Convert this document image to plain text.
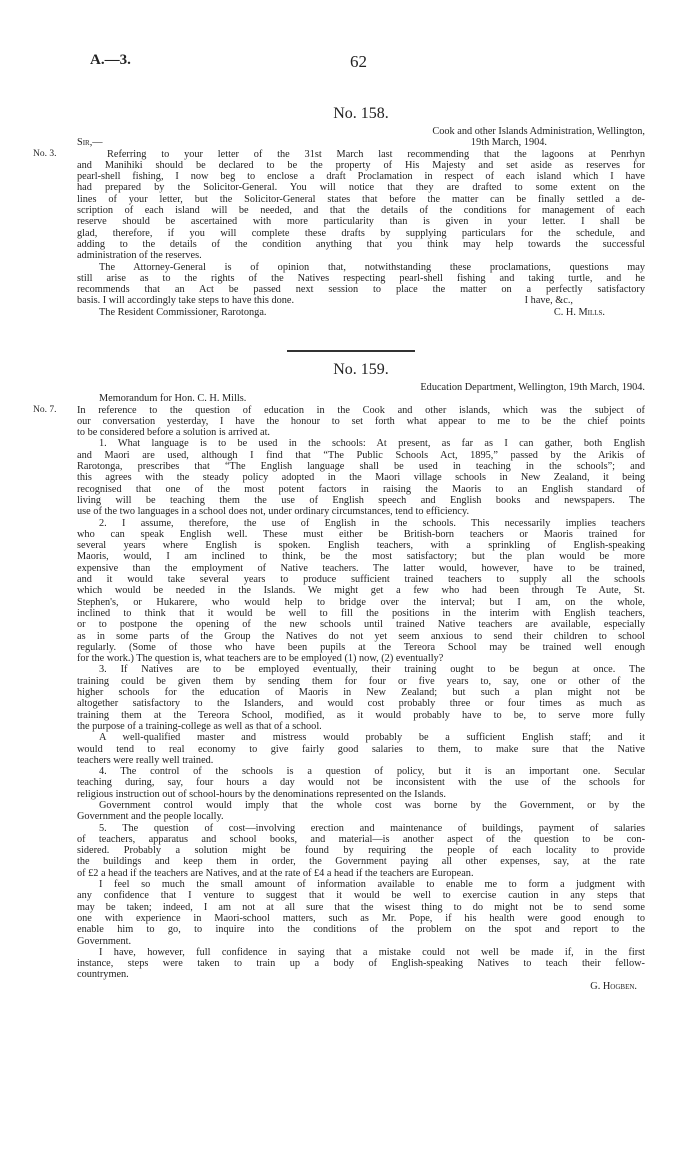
A.—3.	62
No. 158.
Cook and other Islands Administration, Wellington,
Sir,—	19th March, 1904.
Referring to your letter of the 31st March last recommending that the lagoons at Penrhyn
No. 3.
and Manihiki should be declared to be the property of His Majesty and set aside as reserves for
pearl-shell fishing, I now beg to enclose a draft Proclamation in respect of each island which I have
had prepared by the Solicitor-General. You will notice that they are drafted to some extent on the
lines of your letter, but the Solicitor-General states that before the matter can be finally settled a de-
scription of each island will be needed, and that the details of the conditions for management of each
reserve should be ascertained with more particularity than is given in your letter. I shall be
glad, therefore, if you will complete these drafts by supplying particulars for the schedule, and
adding to the details of the condition anything that you think may help towards the successful
administration of the reserves.
The Attorney-General is of opinion that, notwithstanding these proclamations, questions may
still arise as to the rights of the Natives respecting pearl-shell fishing and taking turtle, and he
recommends that an Act be passed next session to place the matter on a perfectly satisfactory
basis. I will accordingly take steps to have this done.	I have, &c.,
The Resident Commissioner, Rarotonga.	C. H. Mills.
No. 159.
Education Department, Wellington, 19th March, 1904.
Memorandum for Hon. C. H. Mills.
In reference to the question of education in the Cook and other islands, which was the subject of
No. 7.
our conversation yesterday, I have the honour to set forth what appear to me to be the chief points
to be considered before a solution is arrived at.
1. What language is to be used in the schools: At present, as far as I can gather, both English
and Maori are used, although I find that “The Public Schools Act, 1895,” passed by the Arikis of
Rarotonga, prescribes that “The English language shall be used in teaching in the schools”; and
this agrees with the steady policy adopted in the Maori village schools in New Zealand, it being
recognised that one of the most potent factors in raising the Maoris to an English standard of
living will be teaching them the use of English speech and English books and newspapers. The
use of the two languages in a school does not, under ordinary circumstances, tend to efficiency.
2. I assume, therefore, the use of English in the schools. This necessarily implies teachers
who can speak English well. These must either be British-born teachers or Maoris trained for
several years where English is spoken. English teachers, with a sprinkling of English-speaking
Maoris, would, I am inclined to think, be the most satisfactory; but the plan would be more
expensive than the employment of Native teachers. The latter would, however, have to be trained,
and it would take several years to produce sufficient trained teachers to supply all the schools
which would be needed in the Islands. We might get a few who had been through Te Aute, St.
Stephen's, or Hukarere, who would help to bridge over the interval; but I am, on the whole,
inclined to think that it would be well to fill the positions in the interim with English teachers,
or to postpone the opening of the new schools until trained Native teachers are available, especially
as in some parts of the Group the Natives do not yet seem anxious to send their children to school
regularly. (Some of those who have been pupils at the Tereora School may be trained well enough
for the work.) The question is, what teachers are to be employed (1) now, (2) eventually?
3. If Natives are to be employed eventually, their training ought to be begun at once. The
training could be given them by sending them for four or five years to, say, one or other of the
higher schools for the education of Maoris in New Zealand; but such a plan might not be
altogether satisfactory to the Islanders, and would cost probably three or four times as much as
training them at the Tereora School, modified, as it would probably have to be, to serve more fully
the purpose of a training-college as well as that of a school.
A well-qualified master and mistress would probably be a sufficient English staff; and it
would tend to real economy to give fairly good salaries to them, to make sure that the Native
teachers were really well trained.
4. The control of the schools is a question of policy, but it is an important one. Secular
teaching during, say, four hours a day would not be inconsistent with the use of the schools for
religious instruction out of school-hours by the denominations represented on the Islands.
Government control would imply that the whole cost was borne by the Government, or by the
Government and the people locally.
5. The question of cost—involving erection and maintenance of buildings, payment of salaries
of teachers, apparatus and school books, and material—is another aspect of the question to be con-
sidered. Probably a solution might be found by requiring the people of each locality to provide
the buildings and keep them in order, the Government paying all other expenses, say, at the rate
of £2 a head if the teachers are Natives, and at the rate of £4 a head if the teachers are European.
I feel so much the small amount of information available to enable me to form a judgment with
any confidence that I venture to suggest that it would be well to exercise caution in any steps that
may be taken; indeed, I am not at all sure that the wisest thing to do might not be to send some
one with experience in Maori-school matters, such as Mr. Pope, if his health were good enough to
enable him to go, to inquire into the conditions of the problem on the spot and report to the
Government.
I have, however, full confidence in saying that a mistake could not well be made if, in the first
instance, steps were taken to train up a body of English-speaking Natives to teach their fellow-
countrymen.
G. Hogben.
